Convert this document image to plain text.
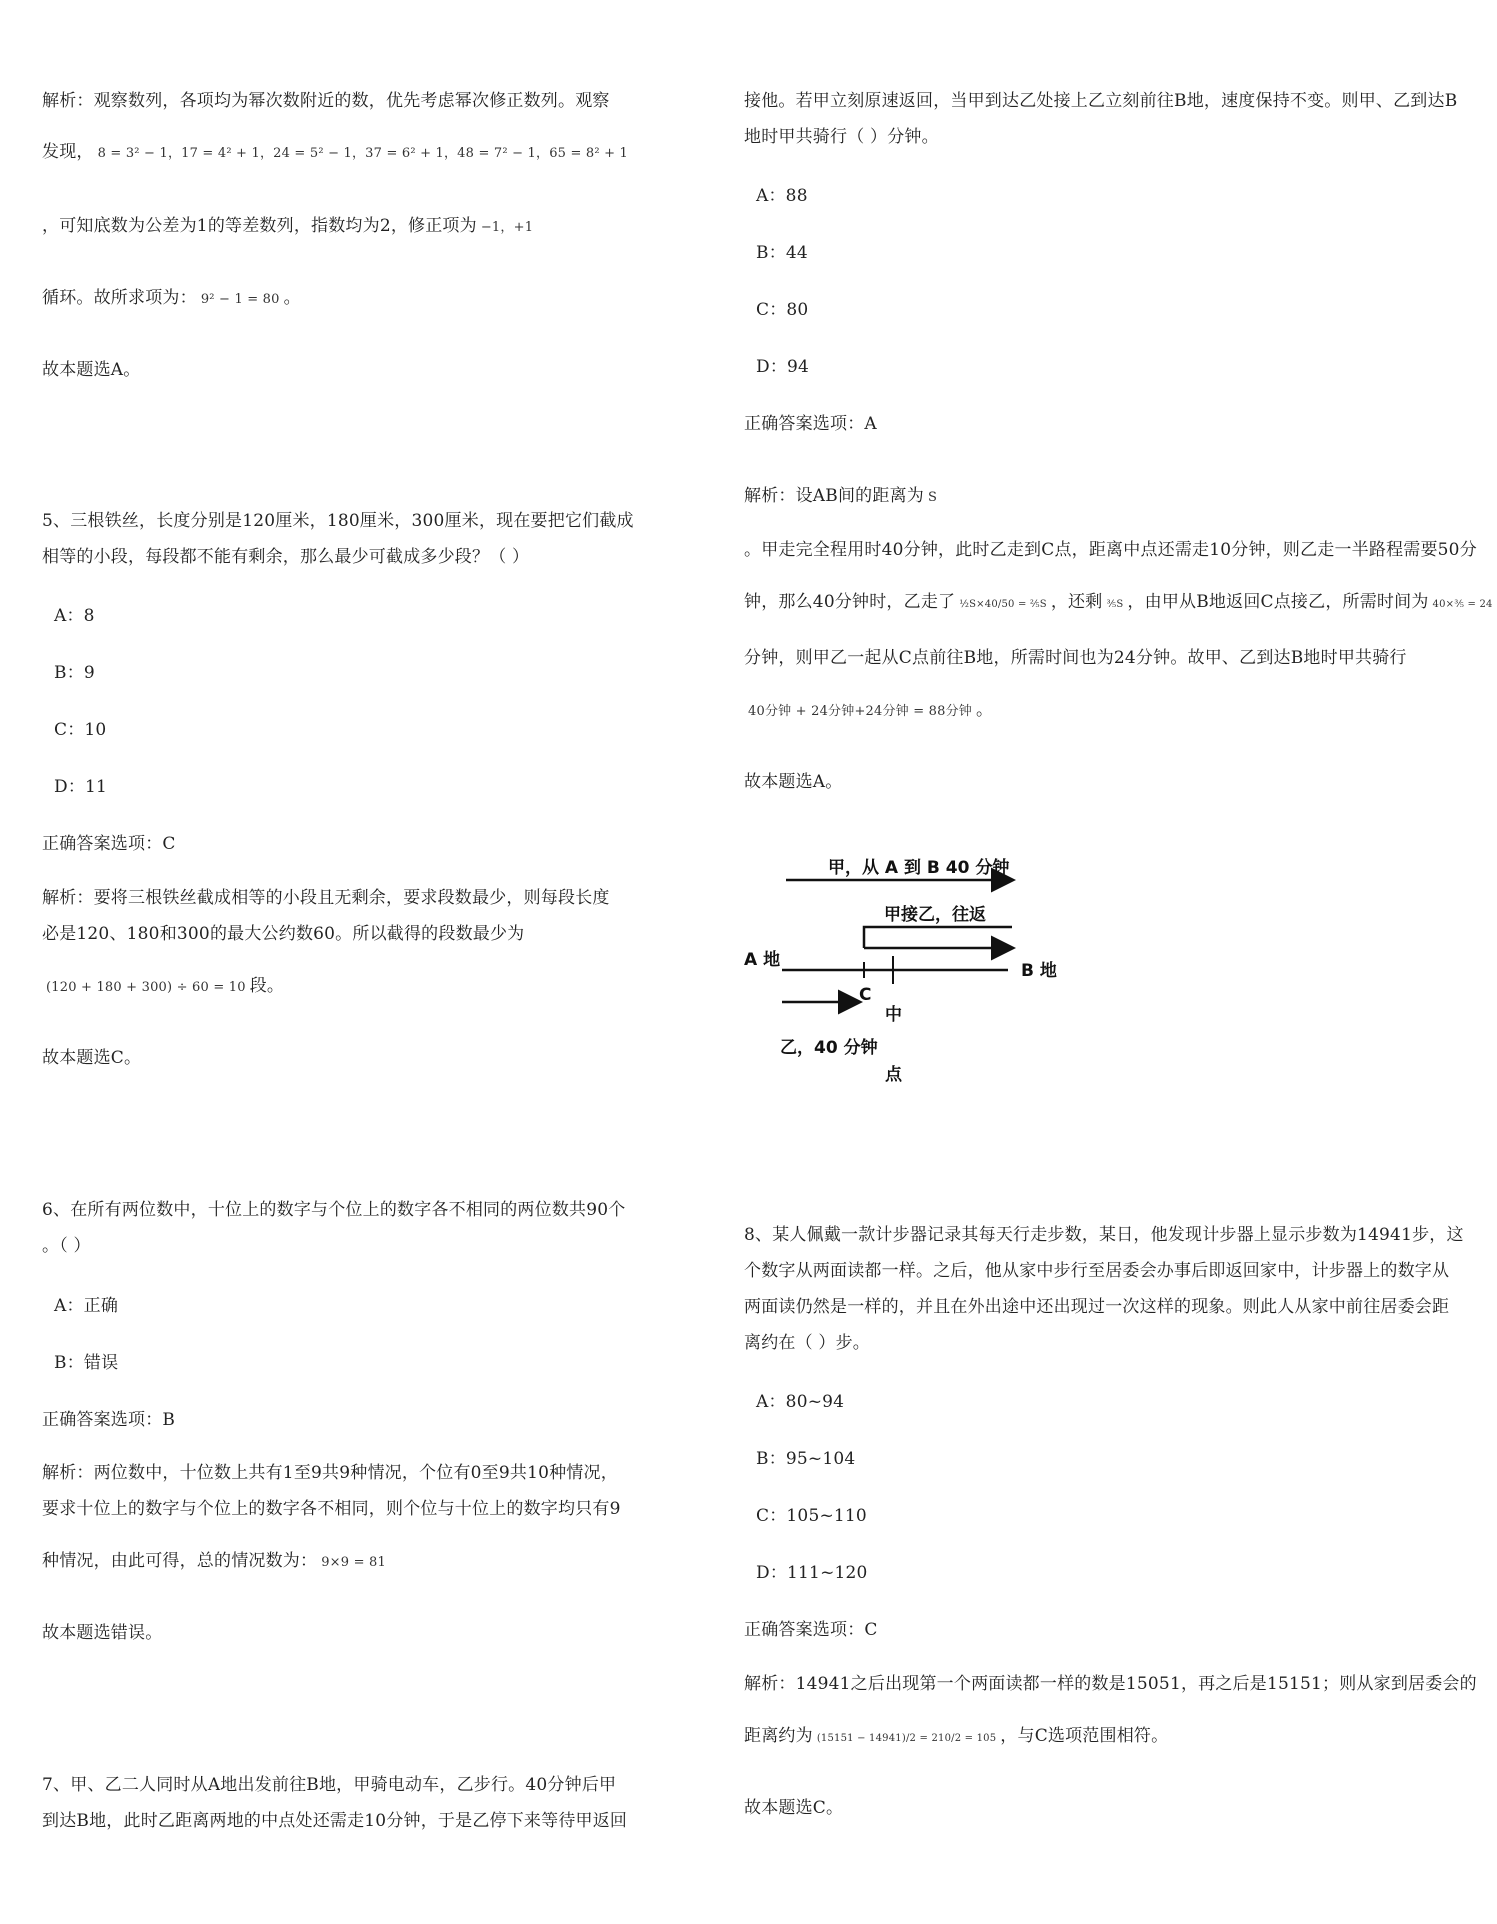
解析：观察数列，各项均为幂次数附近的数，优先考虑幂次修正数列。观察
发现， 8 = 3² − 1，17 = 4² + 1，24 = 5² − 1，37 = 6² + 1，48 = 7² − 1，65 = 8² + 1
，可知底数为公差为1的等差数列，指数均为2，修正项为 −1，+1
循环。故所求项为： 9² − 1 = 80 。
故本题选A。
5、三根铁丝，长度分别是120厘米，180厘米，300厘米，现在要把它们截成
相等的小段，每段都不能有剩余，那么最少可截成多少段？（ ）
A：8
B：9
C：10
D：11
正确答案选项：C
解析：要将三根铁丝截成相等的小段且无剩余，要求段数最少，则每段长度
必是120、180和300的最大公约数60。所以截得的段数最少为
(120 + 180 + 300) ÷ 60 = 10 段。
故本题选C。
6、在所有两位数中，十位上的数字与个位上的数字各不相同的两位数共90个
。（ ）
A：正确
B：错误
正确答案选项：B
解析：两位数中，十位数上共有1至9共9种情况，个位有0至9共10种情况，
要求十位上的数字与个位上的数字各不相同，则个位与十位上的数字均只有9
种情况，由此可得，总的情况数为： 9×9 = 81
故本题选错误。
7、甲、乙二人同时从A地出发前往B地，甲骑电动车，乙步行。40分钟后甲
到达B地，此时乙距离两地的中点处还需走10分钟，于是乙停下来等待甲返回
接他。若甲立刻原速返回，当甲到达乙处接上乙立刻前往B地，速度保持不变。则甲、乙到达B
地时甲共骑行（ ）分钟。
A：88
B：44
C：80
D：94
正确答案选项：A
解析：设AB间的距离为 S
。甲走完全程用时40分钟，此时乙走到C点，距离中点还需走10分钟，则乙走一半路程需要50分
钟，那么40分钟时，乙走了 ½S×40/50 = ⅖S ，还剩 ⅗S ，由甲从B地返回C点接乙，所需时间为 40×⅗ = 24
分钟，则甲乙一起从C点前往B地，所需时间也为24分钟。故甲、乙到达B地时甲共骑行
40分钟 + 24分钟+24分钟 = 88分钟 。
故本题选A。
8、某人佩戴一款计步器记录其每天行走步数，某日，他发现计步器上显示步数为14941步，这
个数字从两面读都一样。之后，他从家中步行至居委会办事后即返回家中，计步器上的数字从
两面读仍然是一样的，并且在外出途中还出现过一次这样的现象。则此人从家中前往居委会距
离约在（ ）步。
A：80~94
B：95~104
C：105~110
D：111~120
正确答案选项：C
解析：14941之后出现第一个两面读都一样的数是15051，再之后是15151；则从家到居委会的
距离约为 (15151 − 14941)/2 = 210/2 = 105 ，与C选项范围相符。
故本题选C。
甲，从 A 到 B 40 分钟
甲接乙，往返
A 地
B 地
C
中
点
乙，40 分钟
